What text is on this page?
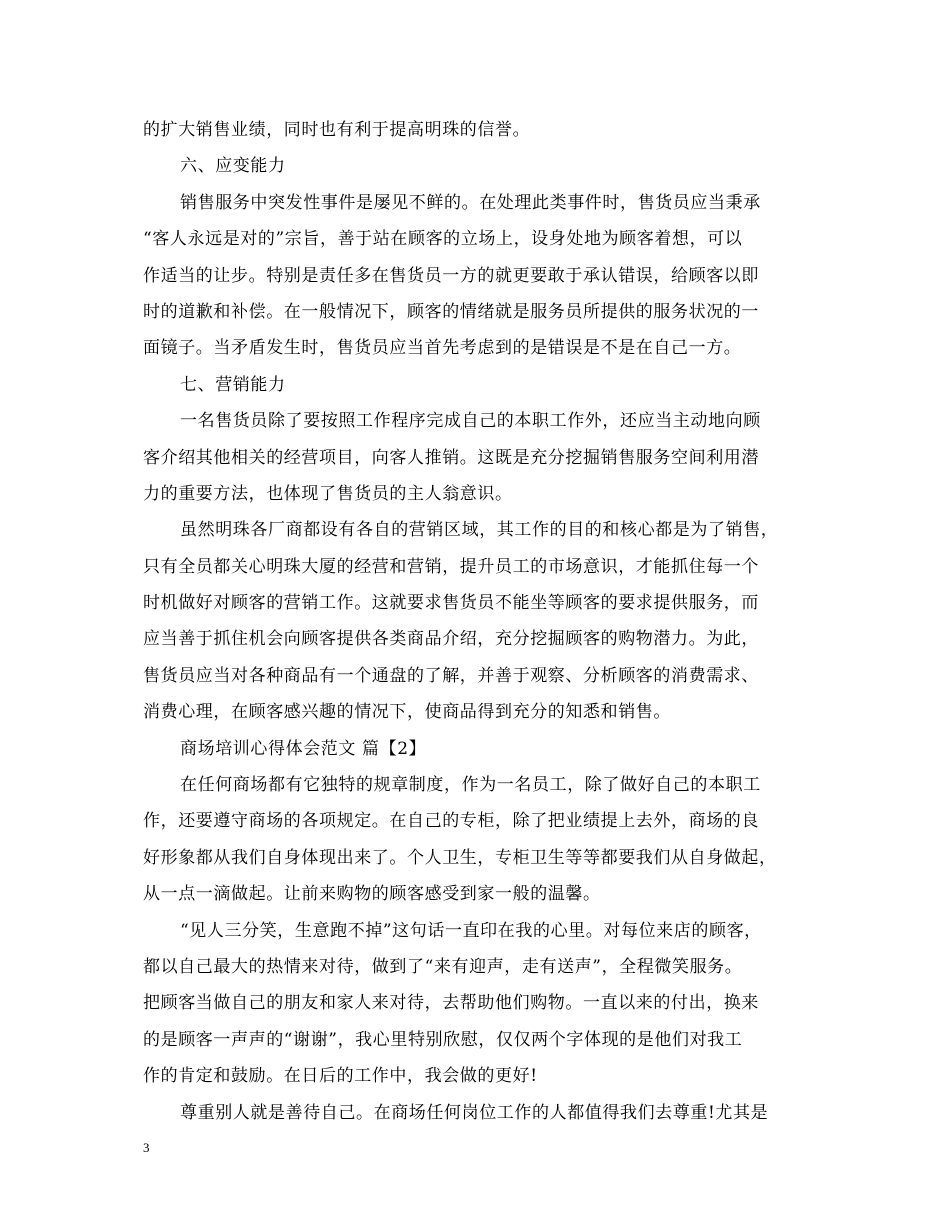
的扩大销售业绩，同时也有利于提高明珠的信誉。
六、应变能力
销售服务中突发性事件是屡见不鲜的。在处理此类事件时，售货员应当秉承
“客人永远是对的”宗旨，善于站在顾客的立场上，设身处地为顾客着想，可以
作适当的让步。特别是责任多在售货员一方的就更要敢于承认错误，给顾客以即
时的道歉和补偿。在一般情况下，顾客的情绪就是服务员所提供的服务状况的一
面镜子。当矛盾发生时，售货员应当首先考虑到的是错误是不是在自己一方。
七、营销能力
一名售货员除了要按照工作程序完成自己的本职工作外，还应当主动地向顾
客介绍其他相关的经营项目，向客人推销。这既是充分挖掘销售服务空间利用潜
力的重要方法，也体现了售货员的主人翁意识。
虽然明珠各厂商都设有各自的营销区域，其工作的目的和核心都是为了销售，
只有全员都关心明珠大厦的经营和营销，提升员工的市场意识，才能抓住每一个
时机做好对顾客的营销工作。这就要求售货员不能坐等顾客的要求提供服务，而
应当善于抓住机会向顾客提供各类商品介绍，充分挖掘顾客的购物潜力。为此，
售货员应当对各种商品有一个通盘的了解，并善于观察、分析顾客的消费需求、
消费心理，在顾客感兴趣的情况下，使商品得到充分的知悉和销售。
商场培训心得体会范文 篇【2】
在任何商场都有它独特的规章制度，作为一名员工，除了做好自己的本职工
作，还要遵守商场的各项规定。在自己的专柜，除了把业绩提上去外，商场的良
好形象都从我们自身体现出来了。个人卫生，专柜卫生等等都要我们从自身做起，
从一点一滴做起。让前来购物的顾客感受到家一般的温馨。
“见人三分笑，生意跑不掉”这句话一直印在我的心里。对每位来店的顾客，
都以自己最大的热情来对待，做到了“来有迎声，走有送声”，全程微笑服务。
把顾客当做自己的朋友和家人来对待，去帮助他们购物。一直以来的付出，换来
的是顾客一声声的“谢谢”，我心里特别欣慰，仅仅两个字体现的是他们对我工
作的肯定和鼓励。在日后的工作中，我会做的更好!
尊重别人就是善待自己。在商场任何岗位工作的人都值得我们去尊重!尤其是
3
